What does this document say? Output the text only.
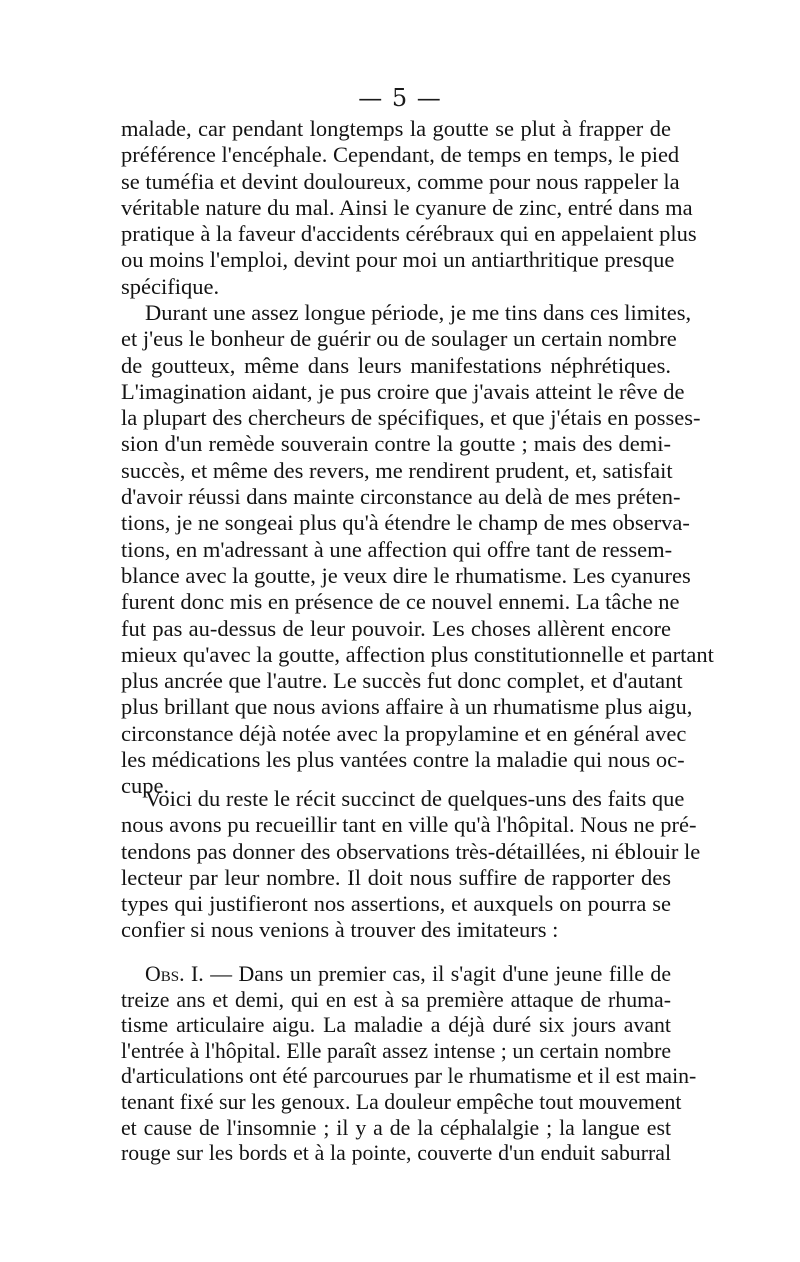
— 5 —
malade, car pendant longtemps la goutte se plut à frapper de
préférence l'encéphale. Cependant, de temps en temps, le pied
se tuméfia et devint douloureux, comme pour nous rappeler la
véritable nature du mal. Ainsi le cyanure de zinc, entré dans ma
pratique à la faveur d'accidents cérébraux qui en appelaient plus
ou moins l'emploi, devint pour moi un antiarthritique presque
spécifique.
Durant une assez longue période, je me tins dans ces limites,
et j'eus le bonheur de guérir ou de soulager un certain nombre
de goutteux, même dans leurs manifestations néphrétiques.
L'imagination aidant, je pus croire que j'avais atteint le rêve de
la plupart des chercheurs de spécifiques, et que j'étais en posses-
sion d'un remède souverain contre la goutte ; mais des demi-
succès, et même des revers, me rendirent prudent, et, satisfait
d'avoir réussi dans mainte circonstance au delà de mes préten-
tions, je ne songeai plus qu'à étendre le champ de mes observa-
tions, en m'adressant à une affection qui offre tant de ressem-
blance avec la goutte, je veux dire le rhumatisme. Les cyanures
furent donc mis en présence de ce nouvel ennemi. La tâche ne
fut pas au-dessus de leur pouvoir. Les choses allèrent encore
mieux qu'avec la goutte, affection plus constitutionnelle et partant
plus ancrée que l'autre. Le succès fut donc complet, et d'autant
plus brillant que nous avions affaire à un rhumatisme plus aigu,
circonstance déjà notée avec la propylamine et en général avec
les médications les plus vantées contre la maladie qui nous oc-
cupe.
Voici du reste le récit succinct de quelques-uns des faits que
nous avons pu recueillir tant en ville qu'à l'hôpital. Nous ne pré-
tendons pas donner des observations très-détaillées, ni éblouir le
lecteur par leur nombre. Il doit nous suffire de rapporter des
types qui justifieront nos assertions, et auxquels on pourra se
confier si nous venions à trouver des imitateurs :
Obs. I. — Dans un premier cas, il s'agit d'une jeune fille de
treize ans et demi, qui en est à sa première attaque de rhuma-
tisme articulaire aigu. La maladie a déjà duré six jours avant
l'entrée à l'hôpital. Elle paraît assez intense ; un certain nombre
d'articulations ont été parcourues par le rhumatisme et il est main-
tenant fixé sur les genoux. La douleur empêche tout mouvement
et cause de l'insomnie ; il y a de la céphalalgie ; la langue est
rouge sur les bords et à la pointe, couverte d'un enduit saburral
